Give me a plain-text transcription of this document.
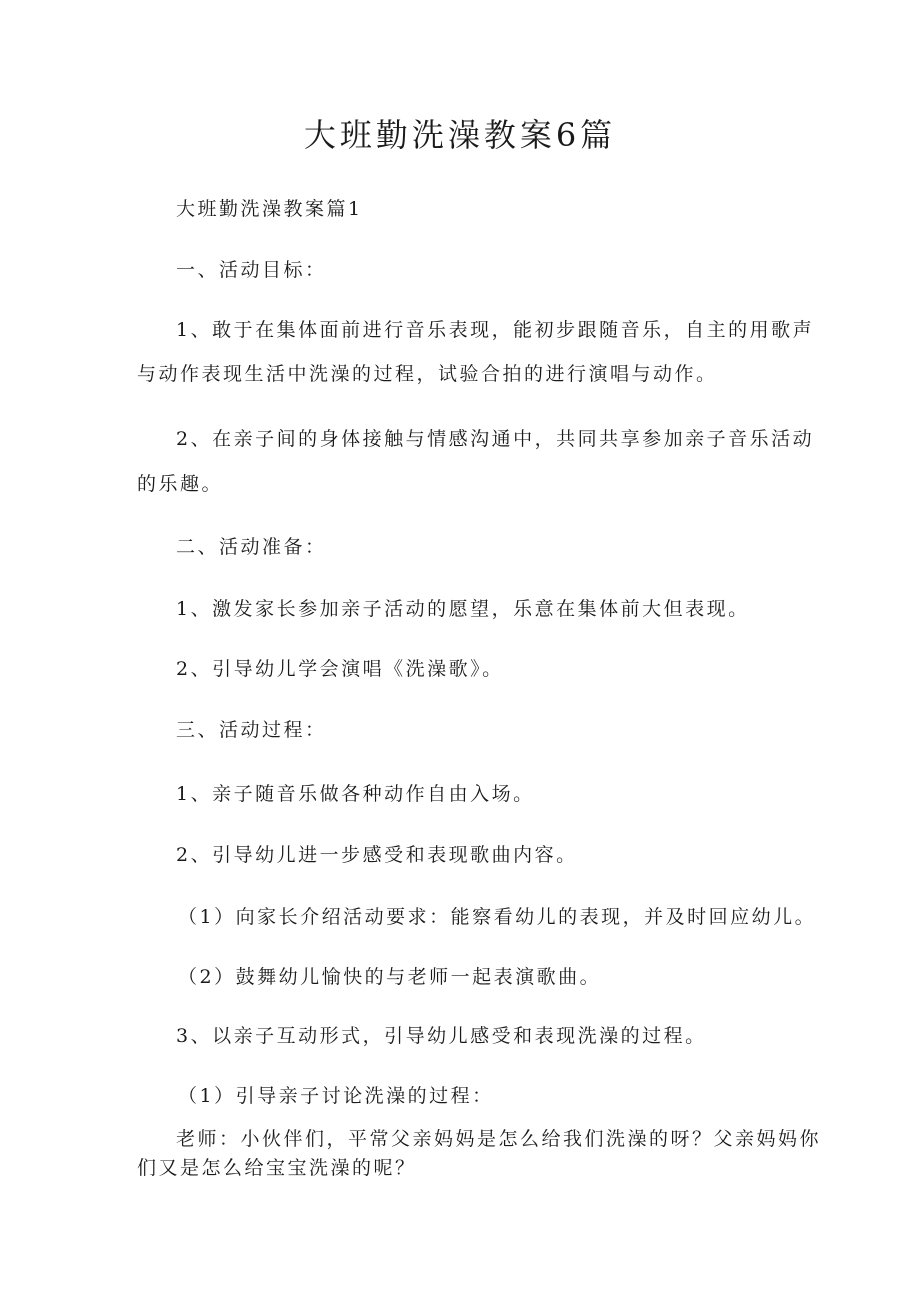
大班勤洗澡教案6篇
大班勤洗澡教案篇1
一、活动目标：
1、敢于在集体面前进行音乐表现，能初步跟随音乐，自主的用歌声
与动作表现生活中洗澡的过程，试验合拍的进行演唱与动作。
2、在亲子间的身体接触与情感沟通中，共同共享参加亲子音乐活动
的乐趣。
二、活动准备：
1、激发家长参加亲子活动的愿望，乐意在集体前大但表现。
2、引导幼儿学会演唱《洗澡歌》。
三、活动过程：
1、亲子随音乐做各种动作自由入场。
2、引导幼儿进一步感受和表现歌曲内容。
（1）向家长介绍活动要求：能察看幼儿的表现，并及时回应幼儿。
（2）鼓舞幼儿愉快的与老师一起表演歌曲。
3、以亲子互动形式，引导幼儿感受和表现洗澡的过程。
（1）引导亲子讨论洗澡的过程：
老师：小伙伴们，平常父亲妈妈是怎么给我们洗澡的呀？父亲妈妈你
们又是怎么给宝宝洗澡的呢？
